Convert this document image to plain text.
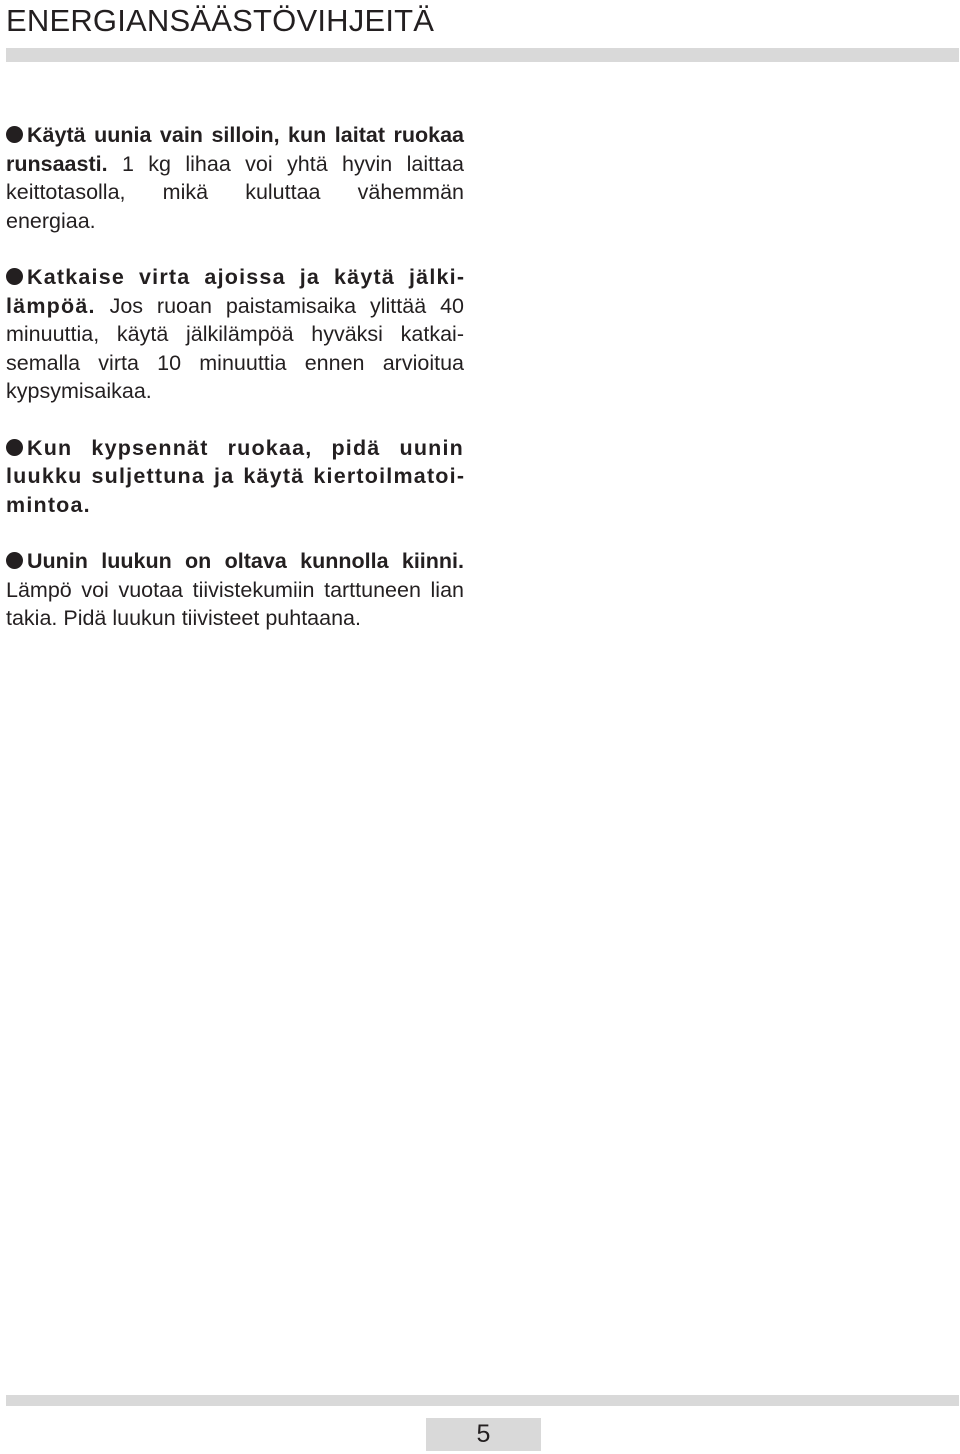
ENERGIANSÄÄSTÖVIHJEITÄ
Käytä uunia vain silloin, kun laitat ruokaa runsaasti. 1 kg lihaa voi yhtä hyvin laittaa keittotasolla, mikä kuluttaa vähemmän energiaa.
Katkaise virta ajoissa ja käytä jälkilämpöä. Jos ruoan paistamisaika ylittää 40 minuuttia, käytä jälkilämpöä hyväksi katkaisemalla virta 10 minuuttia ennen arvioitua kypsymisaikaa.
Kun kypsennät ruokaa, pidä uunin luukku suljettuna ja käytä kiertoilmatoimintoa.
Uunin luukun on oltava kunnolla kiinni. Lämpö voi vuotaa tiivistekumiin tarttuneen lian takia. Pidä luukun tiivisteet puhtaana.
5
